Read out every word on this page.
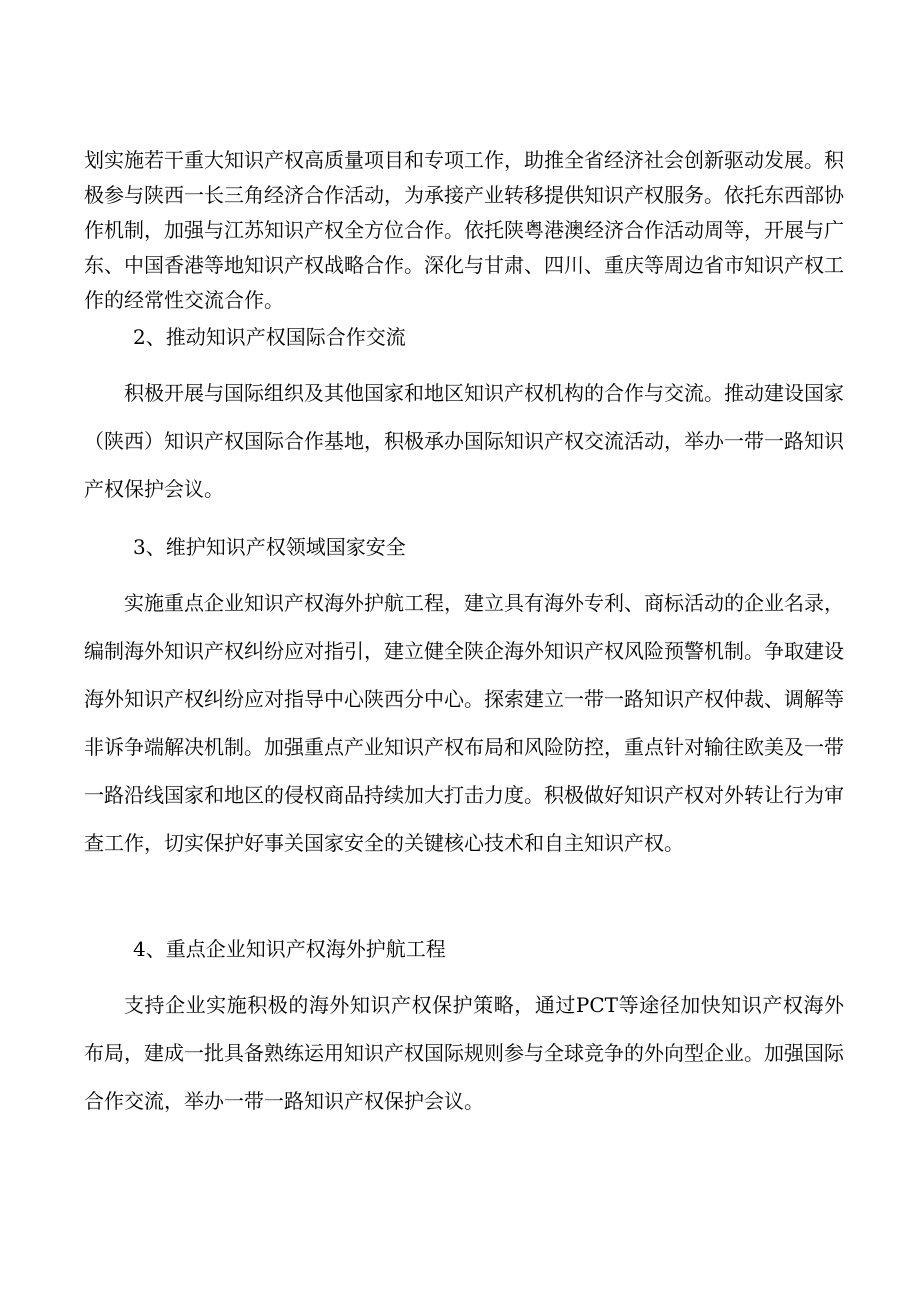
划实施若干重大知识产权高质量项目和专项工作，助推全省经济社会创新驱动发展。积极参与陕西一长三角经济合作活动，为承接产业转移提供知识产权服务。依托东西部协作机制，加强与江苏知识产权全方位合作。依托陕粤港澳经济合作活动周等，开展与广东、中国香港等地知识产权战略合作。深化与甘肃、四川、重庆等周边省市知识产权工作的经常性交流合作。

2、推动知识产权国际合作交流

积极开展与国际组织及其他国家和地区知识产权机构的合作与交流。推动建设国家（陕西）知识产权国际合作基地，积极承办国际知识产权交流活动，举办一带一路知识产权保护会议。

3、维护知识产权领域国家安全

实施重点企业知识产权海外护航工程，建立具有海外专利、商标活动的企业名录，编制海外知识产权纠纷应对指引，建立健全陕企海外知识产权风险预警机制。争取建设海外知识产权纠纷应对指导中心陕西分中心。探索建立一带一路知识产权仲裁、调解等非诉争端解决机制。加强重点产业知识产权布局和风险防控，重点针对输往欧美及一带一路沿线国家和地区的侵权商品持续加大打击力度。积极做好知识产权对外转让行为审查工作，切实保护好事关国家安全的关键核心技术和自主知识产权。

4、重点企业知识产权海外护航工程

支持企业实施积极的海外知识产权保护策略，通过PCT等途径加快知识产权海外布局，建成一批具备熟练运用知识产权国际规则参与全球竞争的外向型企业。加强国际合作交流，举办一带一路知识产权保护会议。
